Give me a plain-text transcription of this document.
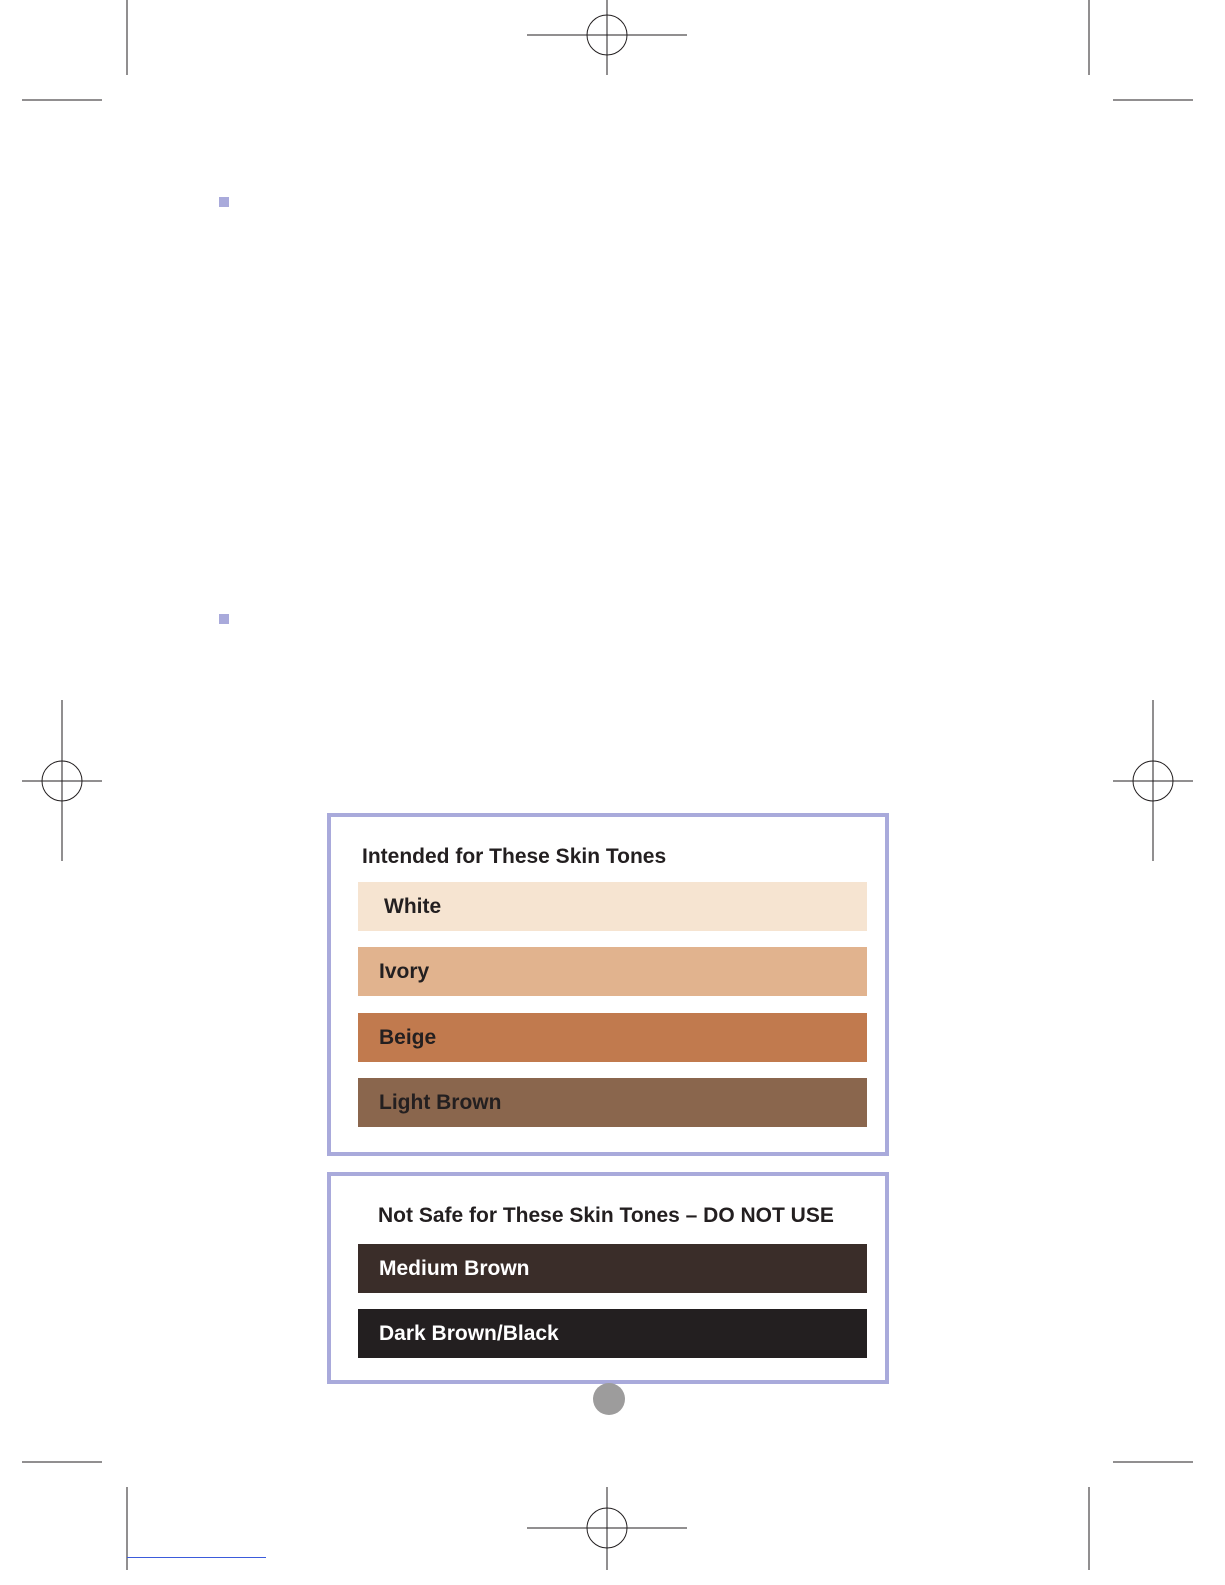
Intended for These Skin Tones
White
Ivory
Beige
Light Brown
Not Safe for These Skin Tones – DO NOT USE
Medium Brown
Dark Brown/Black
